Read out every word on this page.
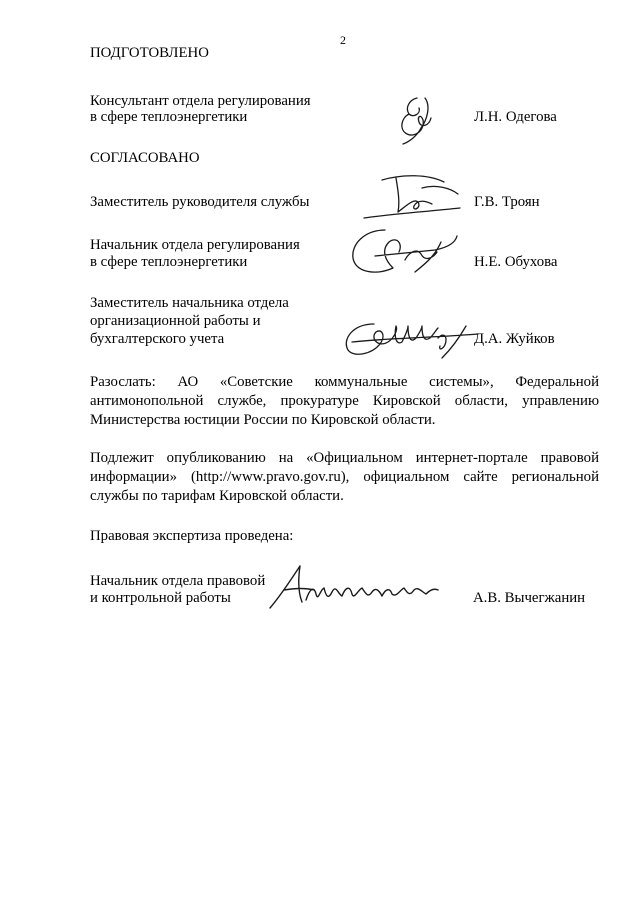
2
ПОДГОТОВЛЕНО
Консультант отдела регулирования
в сфере теплоэнергетики	Л.Н. Одегова
СОГЛАСОВАНО
Заместитель руководителя службы	Г.В. Троян
Начальник отдела регулирования
в сфере теплоэнергетики	Н.Е. Обухова
Заместитель начальника отдела
организационной работы и
бухгалтерского учета	Д.А. Жуйков
Разослать: АО «Советские коммунальные системы», Федеральной
антимонопольной службе, прокуратуре Кировской области, управлению
Министерства юстиции России по Кировской области.
Подлежит опубликованию на «Официальном интернет-портале правовой
информации» (http://www.pravo.gov.ru), официальном сайте региональной
службы по тарифам Кировской области.
Правовая экспертиза проведена:
Начальник отдела правовой
и контрольной работы	А.В. Вычегжанин
